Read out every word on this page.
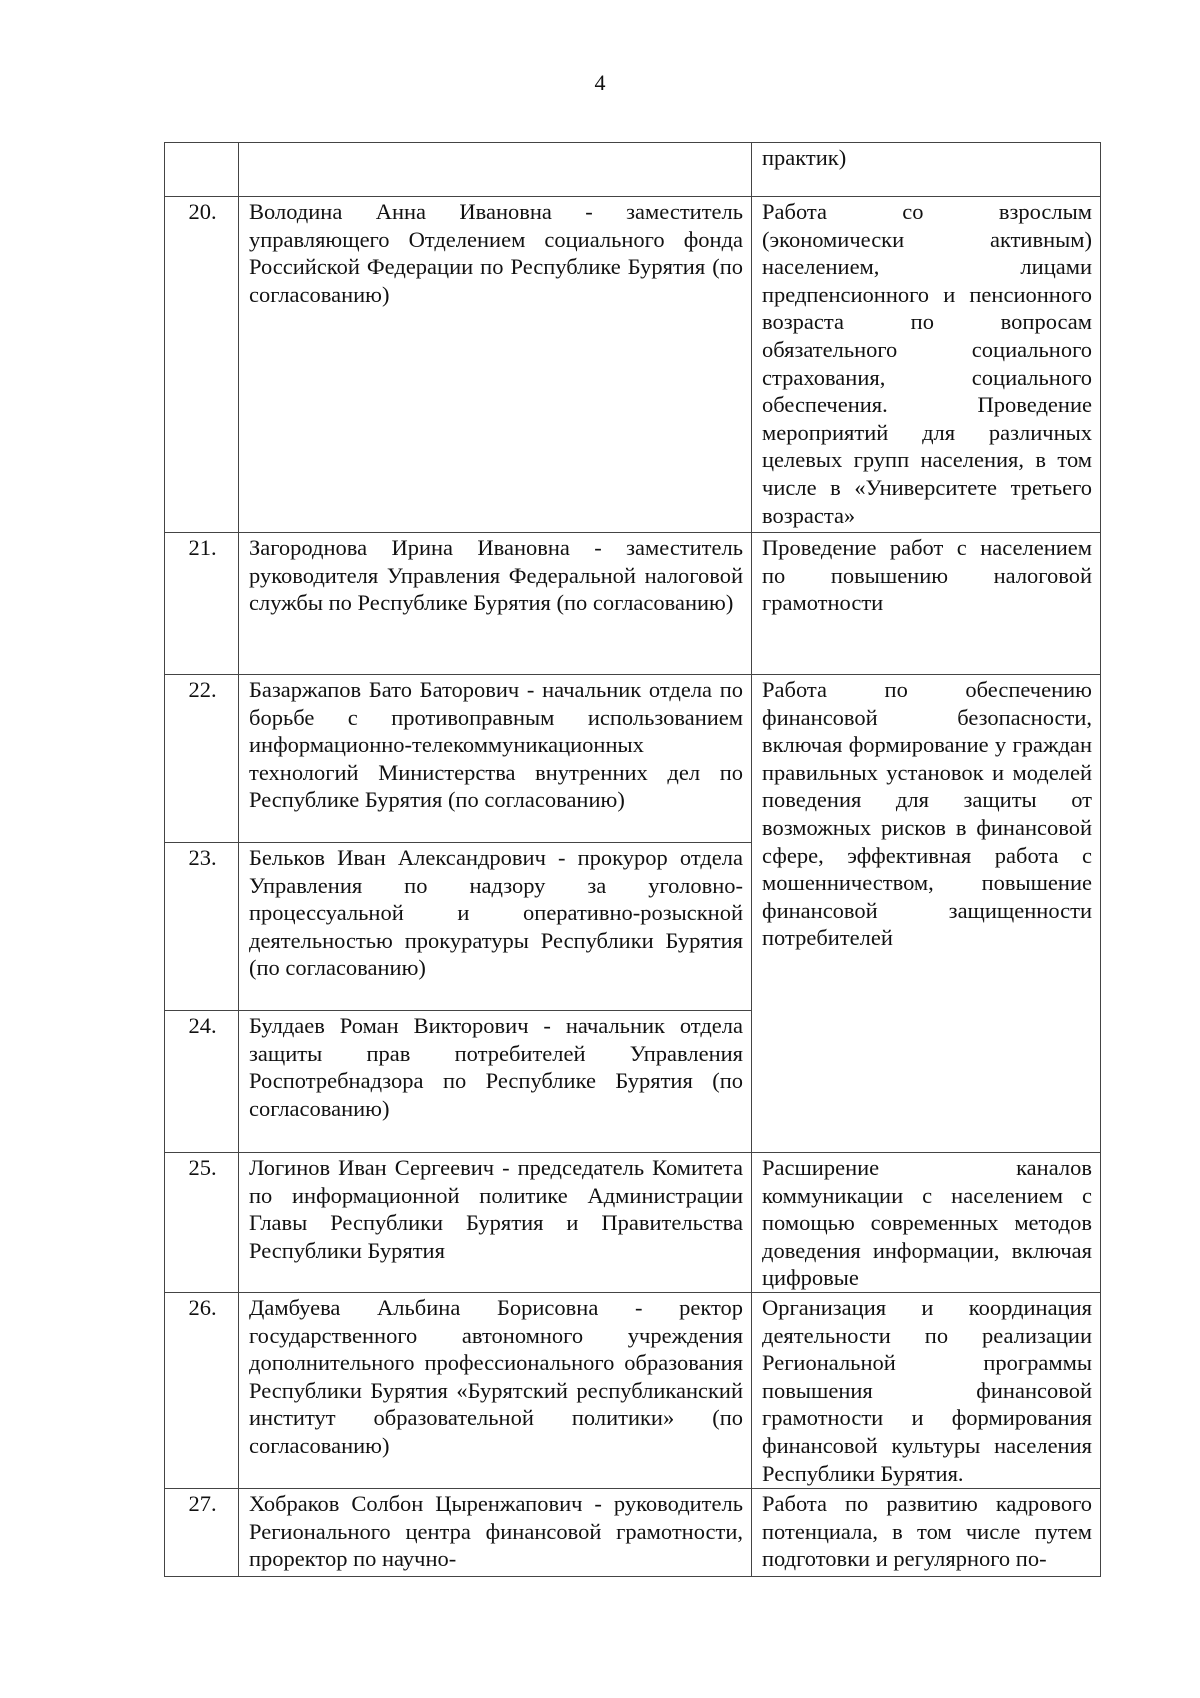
4
		практик)
20.	Володина Анна Ивановна - заместитель управляющего Отделением социального фонда Российской Федерации по Республике Бурятия (по согласованию)	Работа со взрослым (экономически активным) населением, лицами предпенсионного и пенсионного возраста по вопросам обязательного социального страхования, социального обеспечения. Проведение мероприятий для различных целевых групп населения, в том числе в «Университете третьего возраста»
21.	Загороднова Ирина Ивановна - заместитель руководителя Управления Федеральной налоговой службы по Республике Бурятия (по согласованию)	Проведение работ с населением по повышению налоговой грамотности
22.	Базаржапов Бато Баторович - начальник отдела по борьбе с противоправным использованием информационно-телекоммуникационных технологий Министерства внутренних дел по Республике Бурятия (по согласованию)	Работа по обеспечению финансовой безопасности, включая формирование у граждан правильных установок и моделей поведения для защиты от возможных рисков в финансовой сфере, эффективная работа с мошенничеством, повышение финансовой защищенности потребителей
23.	Бельков Иван Александрович - прокурор отдела Управления по надзору за уголовно-процессуальной и оперативно-розыскной деятельностью прокуратуры Республики Бурятия (по согласованию)	
24.	Булдаев Роман Викторович - начальник отдела защиты прав потребителей Управления Роспотребнадзора по Республике Бурятия (по согласованию)	
25.	Логинов Иван Сергеевич - председатель Комитета по информационной политике Администрации Главы Республики Бурятия и Правительства Республики Бурятия	Расширение каналов коммуникации с населением с помощью современных методов доведения информации, включая цифровые
26.	Дамбуева Альбина Борисовна - ректор государственного автономного учреждения дополнительного профессионального образования Республики Бурятия «Бурятский республиканский институт образовательной политики» (по согласованию)	Организация и координация деятельности по реализации Региональной программы повышения финансовой грамотности и формирования финансовой культуры населения Республики Бурятия.
27.	Хобраков Солбон Цыренжапович - руководитель Регионального центра финансовой грамотности, проректор по научно-	Работа по развитию кадрового потенциала, в том числе путем подготовки и регулярного по-
